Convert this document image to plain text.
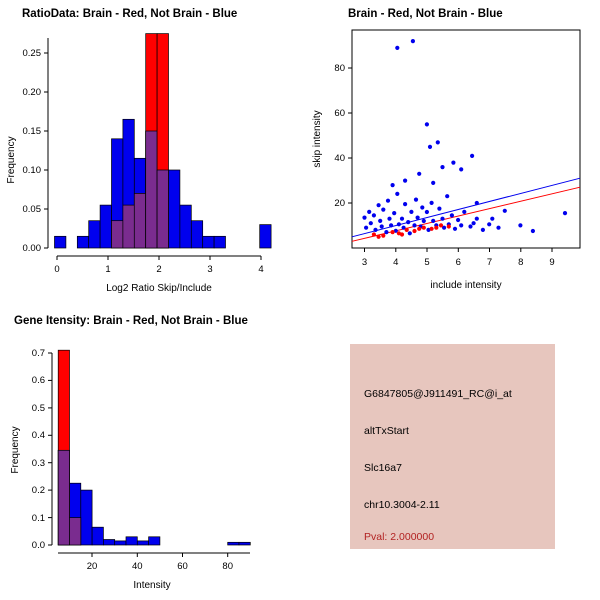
RatioData: Brain - Red, Not Brain - Blue
0.00
0.05
0.10
0.15
0.20
0.25
Frequency
0	1	2	3	4
Log2 Ratio Skip/Include
Brain - Red, Not Brain - Blue
20
40
60
80
skip intensity
3	4	5	6	7	8	9
include intensity
Gene Itensity: Brain - Red, Not Brain - Blue
0.0
0.1
0.2
0.3
0.4
0.5
0.6
0.7
Frequency
20	40	60	80
Intensity
G6847805@J911491_RC@i_at
altTxStart
Slc16a7
chr10.3004-2.11
Pval: 2.000000
